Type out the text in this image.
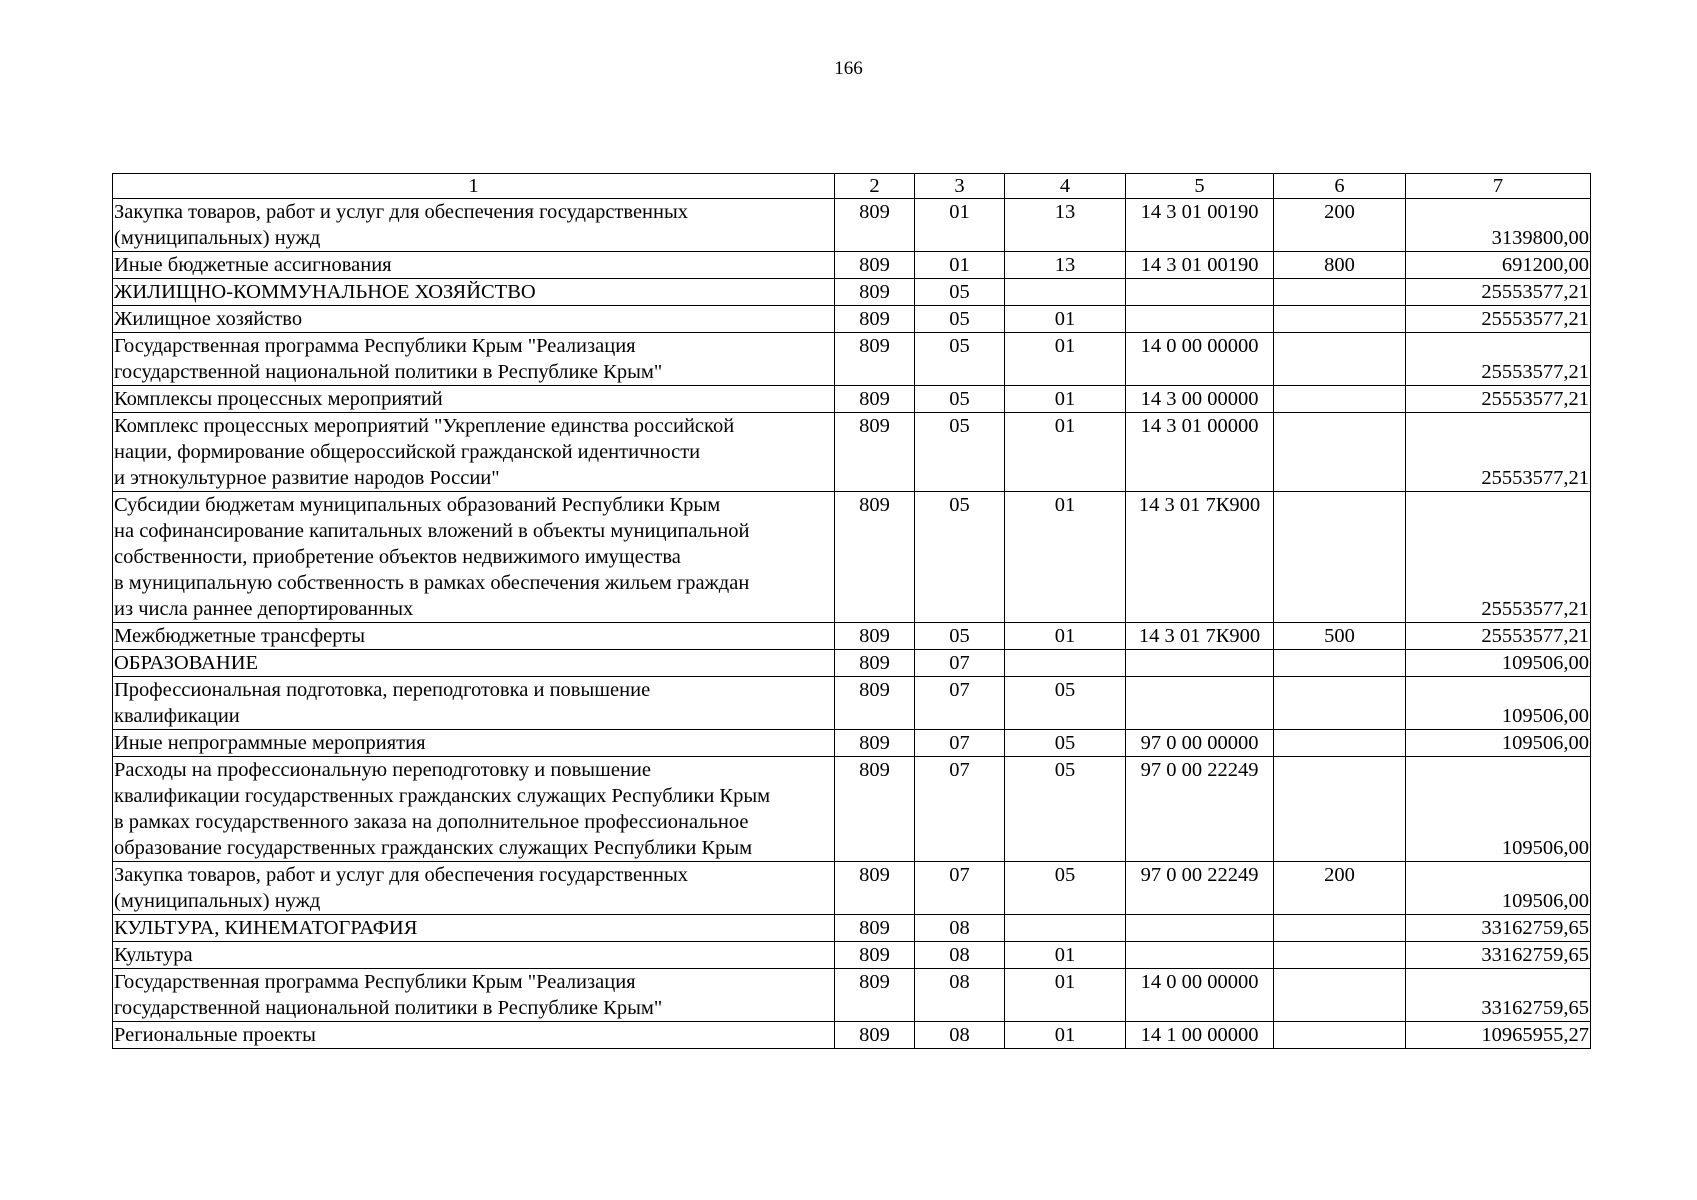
166
1	2	3	4	5	6	7
Закупка товаров, работ и услуг для обеспечения государственных
(муниципальных) нужд	809	01	13	14 3 01 00190	200	3139800,00
Иные бюджетные ассигнования	809	01	13	14 3 01 00190	800	691200,00
ЖИЛИЩНО-КОММУНАЛЬНОЕ ХОЗЯЙСТВО	809	05				25553577,21
Жилищное хозяйство	809	05	01			25553577,21
Государственная программа Республики Крым "Реализация
государственной национальной политики в Республике Крым"	809	05	01	14 0 00 00000		25553577,21
Комплексы процессных мероприятий	809	05	01	14 3 00 00000		25553577,21
Комплекс процессных мероприятий "Укрепление единства российской
нации, формирование общероссийской гражданской идентичности
и этнокультурное развитие народов России"	809	05	01	14 3 01 00000		25553577,21
Субсидии бюджетам муниципальных образований Республики Крым
на софинансирование капитальных вложений в объекты муниципальной
собственности, приобретение объектов недвижимого имущества
в муниципальную собственность в рамках обеспечения жильем граждан
из числа раннее депортированных	809	05	01	14 3 01 7К900		25553577,21
Межбюджетные трансферты	809	05	01	14 3 01 7К900	500	25553577,21
ОБРАЗОВАНИЕ	809	07				109506,00
Профессиональная подготовка, переподготовка и повышение
квалификации	809	07	05			109506,00
Иные непрограммные мероприятия	809	07	05	97 0 00 00000		109506,00
Расходы на профессиональную переподготовку и повышение
квалификации государственных гражданских служащих Республики Крым
в рамках государственного заказа на дополнительное профессиональное
образование государственных гражданских служащих Республики Крым	809	07	05	97 0 00 22249		109506,00
Закупка товаров, работ и услуг для обеспечения государственных
(муниципальных) нужд	809	07	05	97 0 00 22249	200	109506,00
КУЛЬТУРА, КИНЕМАТОГРАФИЯ	809	08				33162759,65
Культура	809	08	01			33162759,65
Государственная программа Республики Крым "Реализация
государственной национальной политики в Республике Крым"	809	08	01	14 0 00 00000		33162759,65
Региональные проекты	809	08	01	14 1 00 00000		10965955,27
